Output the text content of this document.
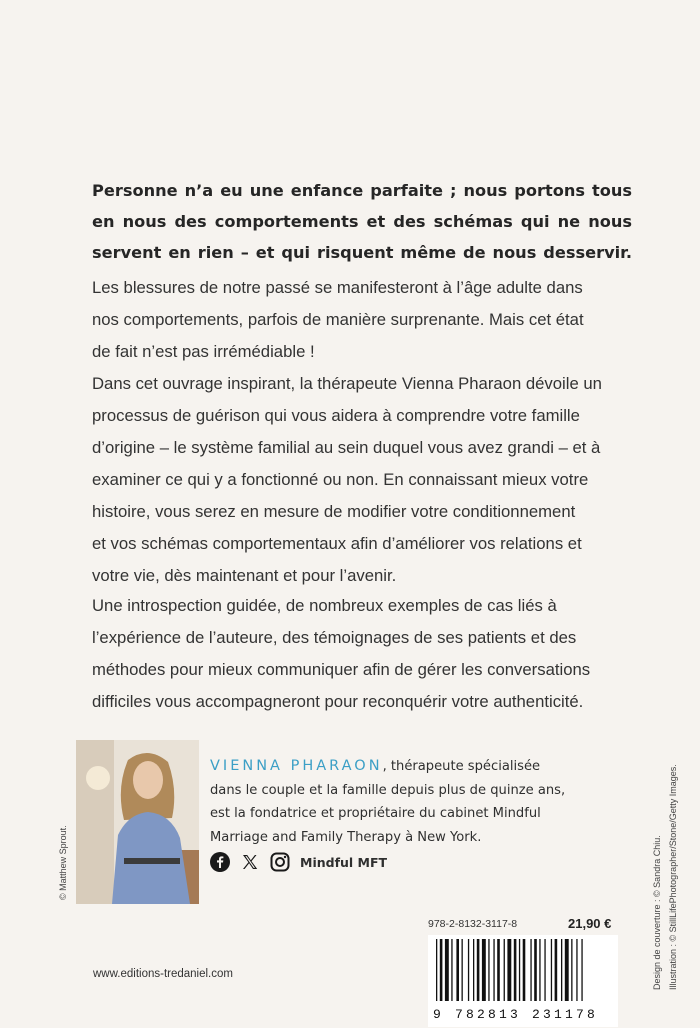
Personne n’a eu une enfance parfaite ; nous portons tous
en nous des comportements et des schémas qui ne nous
servent en rien – et qui risquent même de nous desservir.

Les blessures de notre passé se manifesteront à l’âge adulte dans
nos comportements, parfois de manière surprenante. Mais cet état
de fait n’est pas irrémédiable !

Dans cet ouvrage inspirant, la thérapeute Vienna Pharaon dévoile un
processus de guérison qui vous aidera à comprendre votre famille
d’origine – le système familial au sein duquel vous avez grandi – et à
examiner ce qui y a fonctionné ou non. En connaissant mieux votre
histoire, vous serez en mesure de modifier votre conditionnement
et vos schémas comportementaux afin d’améliorer vos relations et
votre vie, dès maintenant et pour l’avenir.

Une introspection guidée, de nombreux exemples de cas liés à
l’expérience de l’auteure, des témoignages de ses patients et des
méthodes pour mieux communiquer afin de gérer les conversations
difficiles vous accompagneront pour reconquérir votre authenticité.

© Matthew Sprout.

VIENNA PHARAON, thérapeute spécialisée
dans le couple et la famille depuis plus de quinze ans,
est la fondatrice et propriétaire du cabinet Mindful
Marriage and Family Therapy à New York.

Mindful MFT
978-2-8132-3117-8	21,90 €
9 782813 231178
www.editions-tredaniel.com	Design de couverture : © Sandra Chiu. Illustration : © StillLifePhotographer/Stone/Getty Images.
